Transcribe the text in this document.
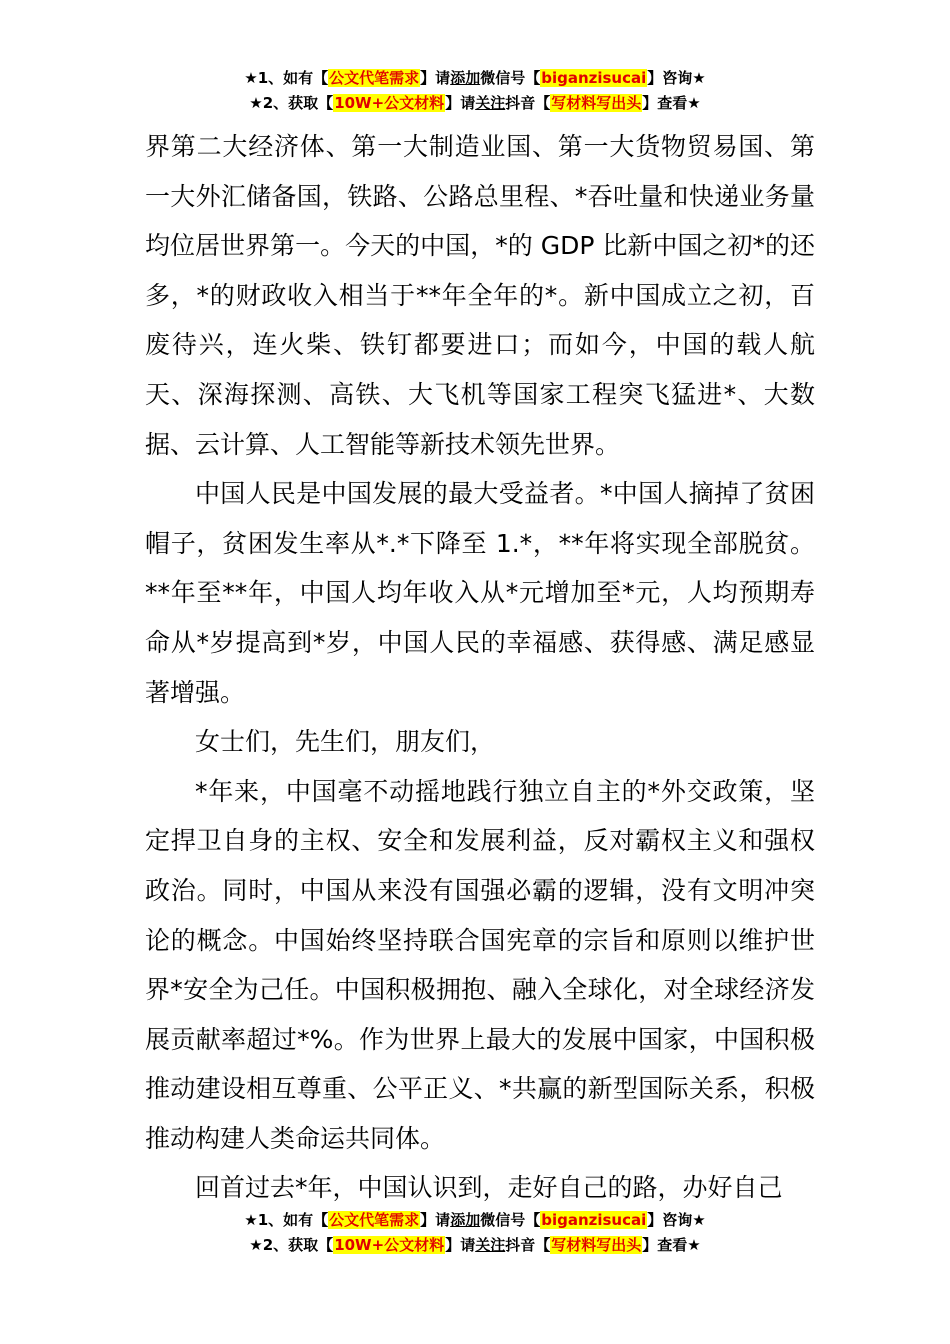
★1、如有【公文代笔需求】请添加微信号【biganzisucai】咨询★
★2、获取【10W+公文材料】请关注抖音【写材料写出头】查看★

界第二大经济体、第一大制造业国、第一大货物贸易国、第一大外汇储备国，铁路、公路总里程、*吞吐量和快递业务量均位居世界第一。今天的中国，*的 GDP 比新中国之初*的还多，*的财政收入相当于**年全年的*。新中国成立之初，百废待兴，连火柴、铁钉都要进口；而如今，中国的载人航天、深海探测、高铁、大飞机等国家工程突飞猛进*、大数据、云计算、人工智能等新技术领先世界。

中国人民是中国发展的最大受益者。*中国人摘掉了贫困帽子，贫困发生率从*.*下降至 1.*，**年将实现全部脱贫。**年至**年，中国人均年收入从*元增加至*元，人均预期寿命从*岁提高到*岁，中国人民的幸福感、获得感、满足感显著增强。

女士们，先生们，朋友们，

*年来，中国毫不动摇地践行独立自主的*外交政策，坚定捍卫自身的主权、安全和发展利益，反对霸权主义和强权政治。同时，中国从来没有国强必霸的逻辑，没有文明冲突论的概念。中国始终坚持联合国宪章的宗旨和原则以维护世界*安全为己任。中国积极拥抱、融入全球化，对全球经济发展贡献率超过*%。作为世界上最大的发展中国家，中国积极推动建设相互尊重、公平正义、*共赢的新型国际关系，积极推动构建人类命运共同体。

回首过去*年，中国认识到，走好自己的路，办好自己

★1、如有【公文代笔需求】请添加微信号【biganzisucai】咨询★
★2、获取【10W+公文材料】请关注抖音【写材料写出头】查看★
